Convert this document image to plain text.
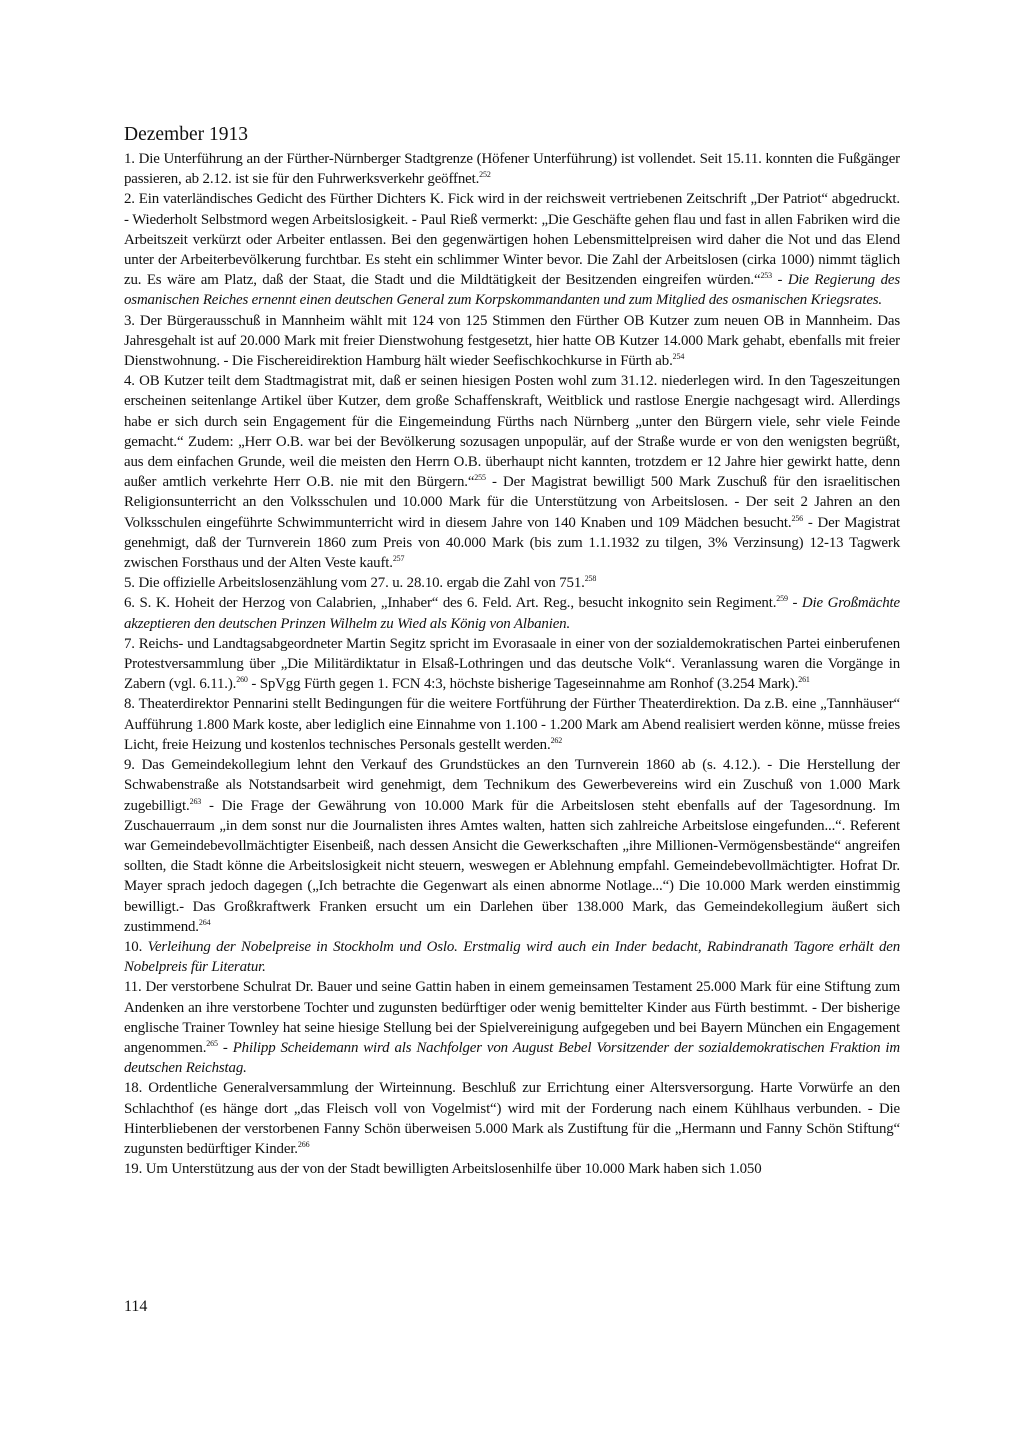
Dezember 1913

1. Die Unterführung an der Fürther-Nürnberger Stadtgrenze (Höfener Unterführung) ist vollendet. Seit 15.11. konnten die Fußgänger passieren, ab 2.12. ist sie für den Fuhrwerksverkehr geöffnet.$^{252}$

2. Ein vaterländisches Gedicht des Fürther Dichters K. Fick wird in der reichsweit vertriebenen Zeitschrift „Der Patriot“ abgedruckt. - Wiederholt Selbstmord wegen Arbeitslosigkeit. - Paul Rieß vermerkt: „Die Geschäfte gehen flau und fast in allen Fabriken wird die Arbeitszeit verkürzt oder Arbeiter entlassen. Bei den gegenwärtigen hohen Lebensmittelpreisen wird daher die Not und das Elend unter der Arbeiterbevölkerung furchtbar. Es steht ein schlimmer Winter bevor. Die Zahl der Arbeitslosen (cirka 1000) nimmt täglich zu. Es wäre am Platz, daß der Staat, die Stadt und die Mildtätigkeit der Besitzenden eingreifen würden.“$^{253}$ - Die Regierung des osmanischen Reiches ernennt einen deutschen General zum Korpskommandanten und zum Mitglied des osmanischen Kriegsrates.

3. Der Bürgerausschuß in Mannheim wählt mit 124 von 125 Stimmen den Fürther OB Kutzer zum neuen OB in Mannheim. Das Jahresgehalt ist auf 20.000 Mark mit freier Dienstwohung festgesetzt, hier hatte OB Kutzer 14.000 Mark gehabt, ebenfalls mit freier Dienstwohnung. - Die Fischereidirektion Hamburg hält wieder Seefischkochkurse in Fürth ab.$^{254}$

4. OB Kutzer teilt dem Stadtmagistrat mit, daß er seinen hiesigen Posten wohl zum 31.12. niederlegen wird. In den Tageszeitungen erscheinen seitenlange Artikel über Kutzer, dem große Schaffenskraft, Weitblick und rastlose Energie nachgesagt wird. Allerdings habe er sich durch sein Engagement für die Eingemeindung Fürths nach Nürnberg „unter den Bürgern viele, sehr viele Feinde gemacht.“ Zudem: „Herr O.B. war bei der Bevölkerung sozusagen unpopulär, auf der Straße wurde er von den wenigsten begrüßt, aus dem einfachen Grunde, weil die meisten den Herrn O.B. überhaupt nicht kannten, trotzdem er 12 Jahre hier gewirkt hatte, denn außer amtlich verkehrte Herr O.B. nie mit den Bürgern.“$^{255}$ - Der Magistrat bewilligt 500 Mark Zuschuß für den israelitischen Religionsunterricht an den Volksschulen und 10.000 Mark für die Unterstützung von Arbeitslosen. - Der seit 2 Jahren an den Volksschulen eingeführte Schwimmunterricht wird in diesem Jahre von 140 Knaben und 109 Mädchen besucht.$^{256}$ - Der Magistrat genehmigt, daß der Turnverein 1860 zum Preis von 40.000 Mark (bis zum 1.1.1932 zu tilgen, 3% Verzinsung) 12-13 Tagwerk zwischen Forsthaus und der Alten Veste kauft.$^{257}$

5. Die offizielle Arbeitslosenzählung vom 27. u. 28.10. ergab die Zahl von 751.$^{258}$

6. S. K. Hoheit der Herzog von Calabrien, „Inhaber“ des 6. Feld. Art. Reg., besucht inkognito sein Regiment.$^{259}$ - Die Großmächte akzeptieren den deutschen Prinzen Wilhelm zu Wied als König von Albanien.

7. Reichs- und Landtagsabgeordneter Martin Segitz spricht im Evorasaale in einer von der sozialdemokratischen Partei einberufenen Protestversammlung über „Die Militärdiktatur in Elsaß-Lothringen und das deutsche Volk“. Veranlassung waren die Vorgänge in Zabern (vgl. 6.11.).$^{260}$ - SpVgg Fürth gegen 1. FCN 4:3, höchste bisherige Tageseinnahme am Ronhof (3.254 Mark).$^{261}$

8. Theaterdirektor Pennarini stellt Bedingungen für die weitere Fortführung der Fürther Theaterdirektion. Da z.B. eine „Tannhäuser“ Aufführung 1.800 Mark koste, aber lediglich eine Einnahme von 1.100 - 1.200 Mark am Abend realisiert werden könne, müsse freies Licht, freie Heizung und kostenlos technisches Personals gestellt werden.$^{262}$

9. Das Gemeindekollegium lehnt den Verkauf des Grundstückes an den Turnverein 1860 ab (s. 4.12.). - Die Herstellung der Schwabenstraße als Notstandsarbeit wird genehmigt, dem Technikum des Gewerbevereins wird ein Zuschuß von 1.000 Mark zugebilligt.$^{263}$ - Die Frage der Gewährung von 10.000 Mark für die Arbeitslosen steht ebenfalls auf der Tagesordnung. Im Zuschauerraum „in dem sonst nur die Journalisten ihres Amtes walten, hatten sich zahlreiche Arbeitslose eingefunden...“. Referent war Gemeindebevollmächtigter Eisenbeiß, nach dessen Ansicht die Gewerkschaften „ihre Millionen-Vermögensbestände“ angreifen sollten, die Stadt könne die Arbeitslosigkeit nicht steuern, weswegen er Ablehnung empfahl. Gemeindebevollmächtigter. Hofrat Dr. Mayer sprach jedoch dagegen („Ich betrachte die Gegenwart als einen abnorme Notlage...“) Die 10.000 Mark werden einstimmig bewilligt.- Das Großkraftwerk Franken ersucht um ein Darlehen über 138.000 Mark, das Gemeindekollegium äußert sich zustimmend.$^{264}$

10. Verleihung der Nobelpreise in Stockholm und Oslo. Erstmalig wird auch ein Inder bedacht, Rabindranath Tagore erhält den Nobelpreis für Literatur.

11. Der verstorbene Schulrat Dr. Bauer und seine Gattin haben in einem gemeinsamen Testament 25.000 Mark für eine Stiftung zum Andenken an ihre verstorbene Tochter und zugunsten bedürftiger oder wenig bemittelter Kinder aus Fürth bestimmt. - Der bisherige englische Trainer Townley hat seine hiesige Stellung bei der Spielvereinigung aufgegeben und bei Bayern München ein Engagement angenommen.$^{265}$ - Philipp Scheidemann wird als Nachfolger von August Bebel Vorsitzender der sozialdemokratischen Fraktion im deutschen Reichstag.

18. Ordentliche Generalversammlung der Wirteinnung. Beschluß zur Errichtung einer Altersversorgung. Harte Vorwürfe an den Schlachthof (es hänge dort „das Fleisch voll von Vogelmist“) wird mit der Forderung nach einem Kühlhaus verbunden. - Die Hinterbliebenen der verstorbenen Fanny Schön überweisen 5.000 Mark als Zustiftung für die „Hermann und Fanny Schön Stiftung“ zugunsten bedürftiger Kinder.$^{266}$

19. Um Unterstützung aus der von der Stadt bewilligten Arbeitslosenhilfe über 10.000 Mark haben sich 1.050

114
